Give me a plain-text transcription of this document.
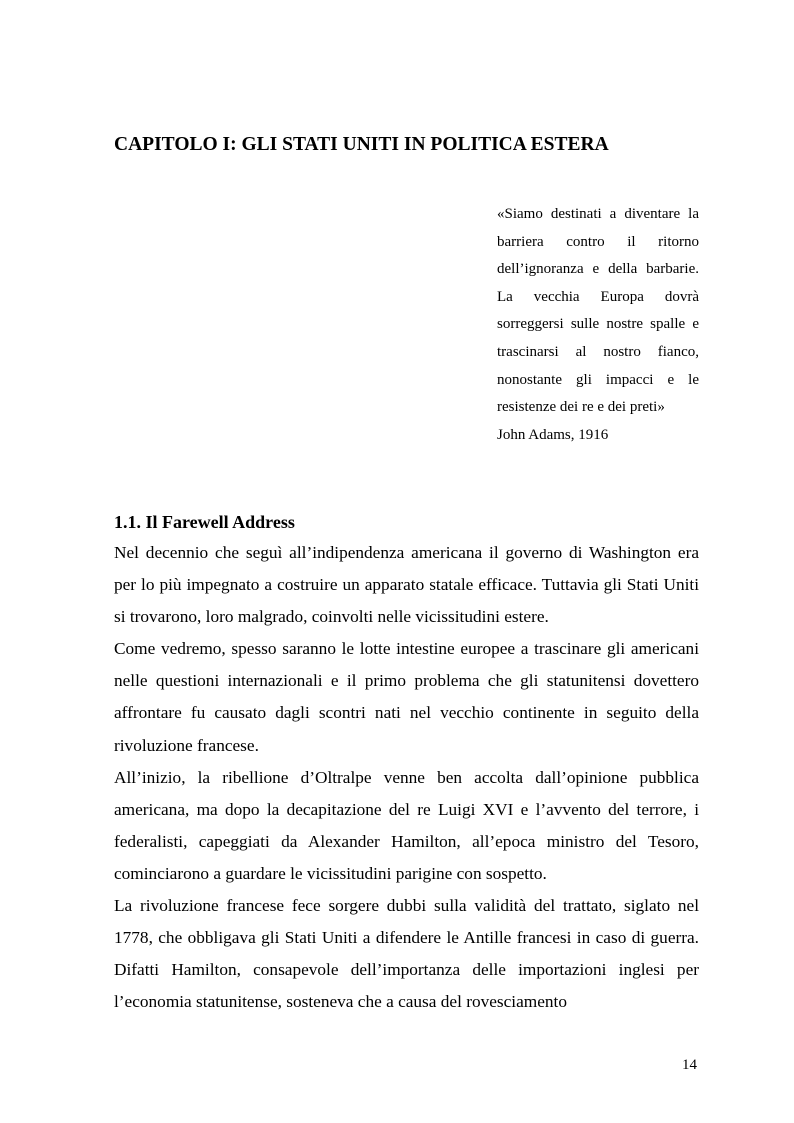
CAPITOLO I: GLI STATI UNITI IN POLITICA ESTERA

«Siamo destinati a diventare la barriera contro il ritorno dell’ignoranza e della barbarie. La vecchia Europa dovrà sorreggersi sulle nostre spalle e trascinarsi al nostro fianco, nonostante gli impacci e le resistenze dei re e dei preti»

John Adams, 1916

1.1. Il Farewell Address

Nel decennio che seguì all’indipendenza americana il governo di Washington era per lo più impegnato a costruire un apparato statale efficace. Tuttavia gli Stati Uniti si trovarono, loro malgrado, coinvolti nelle vicissitudini estere.

Come vedremo, spesso saranno le lotte intestine europee a trascinare gli americani nelle questioni internazionali e il primo problema che gli statunitensi dovettero affrontare fu causato dagli scontri nati nel vecchio continente in seguito della rivoluzione francese.

All’inizio, la ribellione d’Oltralpe venne ben accolta dall’opinione pubblica americana, ma dopo la decapitazione del re Luigi XVI e l’avvento del terrore, i federalisti, capeggiati da Alexander Hamilton, all’epoca ministro del Tesoro, cominciarono a guardare le vicissitudini parigine con sospetto.

La rivoluzione francese fece sorgere dubbi sulla validità del trattato, siglato nel 1778, che obbligava gli Stati Uniti a difendere le Antille francesi in caso di guerra. Difatti Hamilton, consapevole dell’importanza delle importazioni inglesi per l’economia statunitense, sosteneva che a causa del rovesciamento

14
